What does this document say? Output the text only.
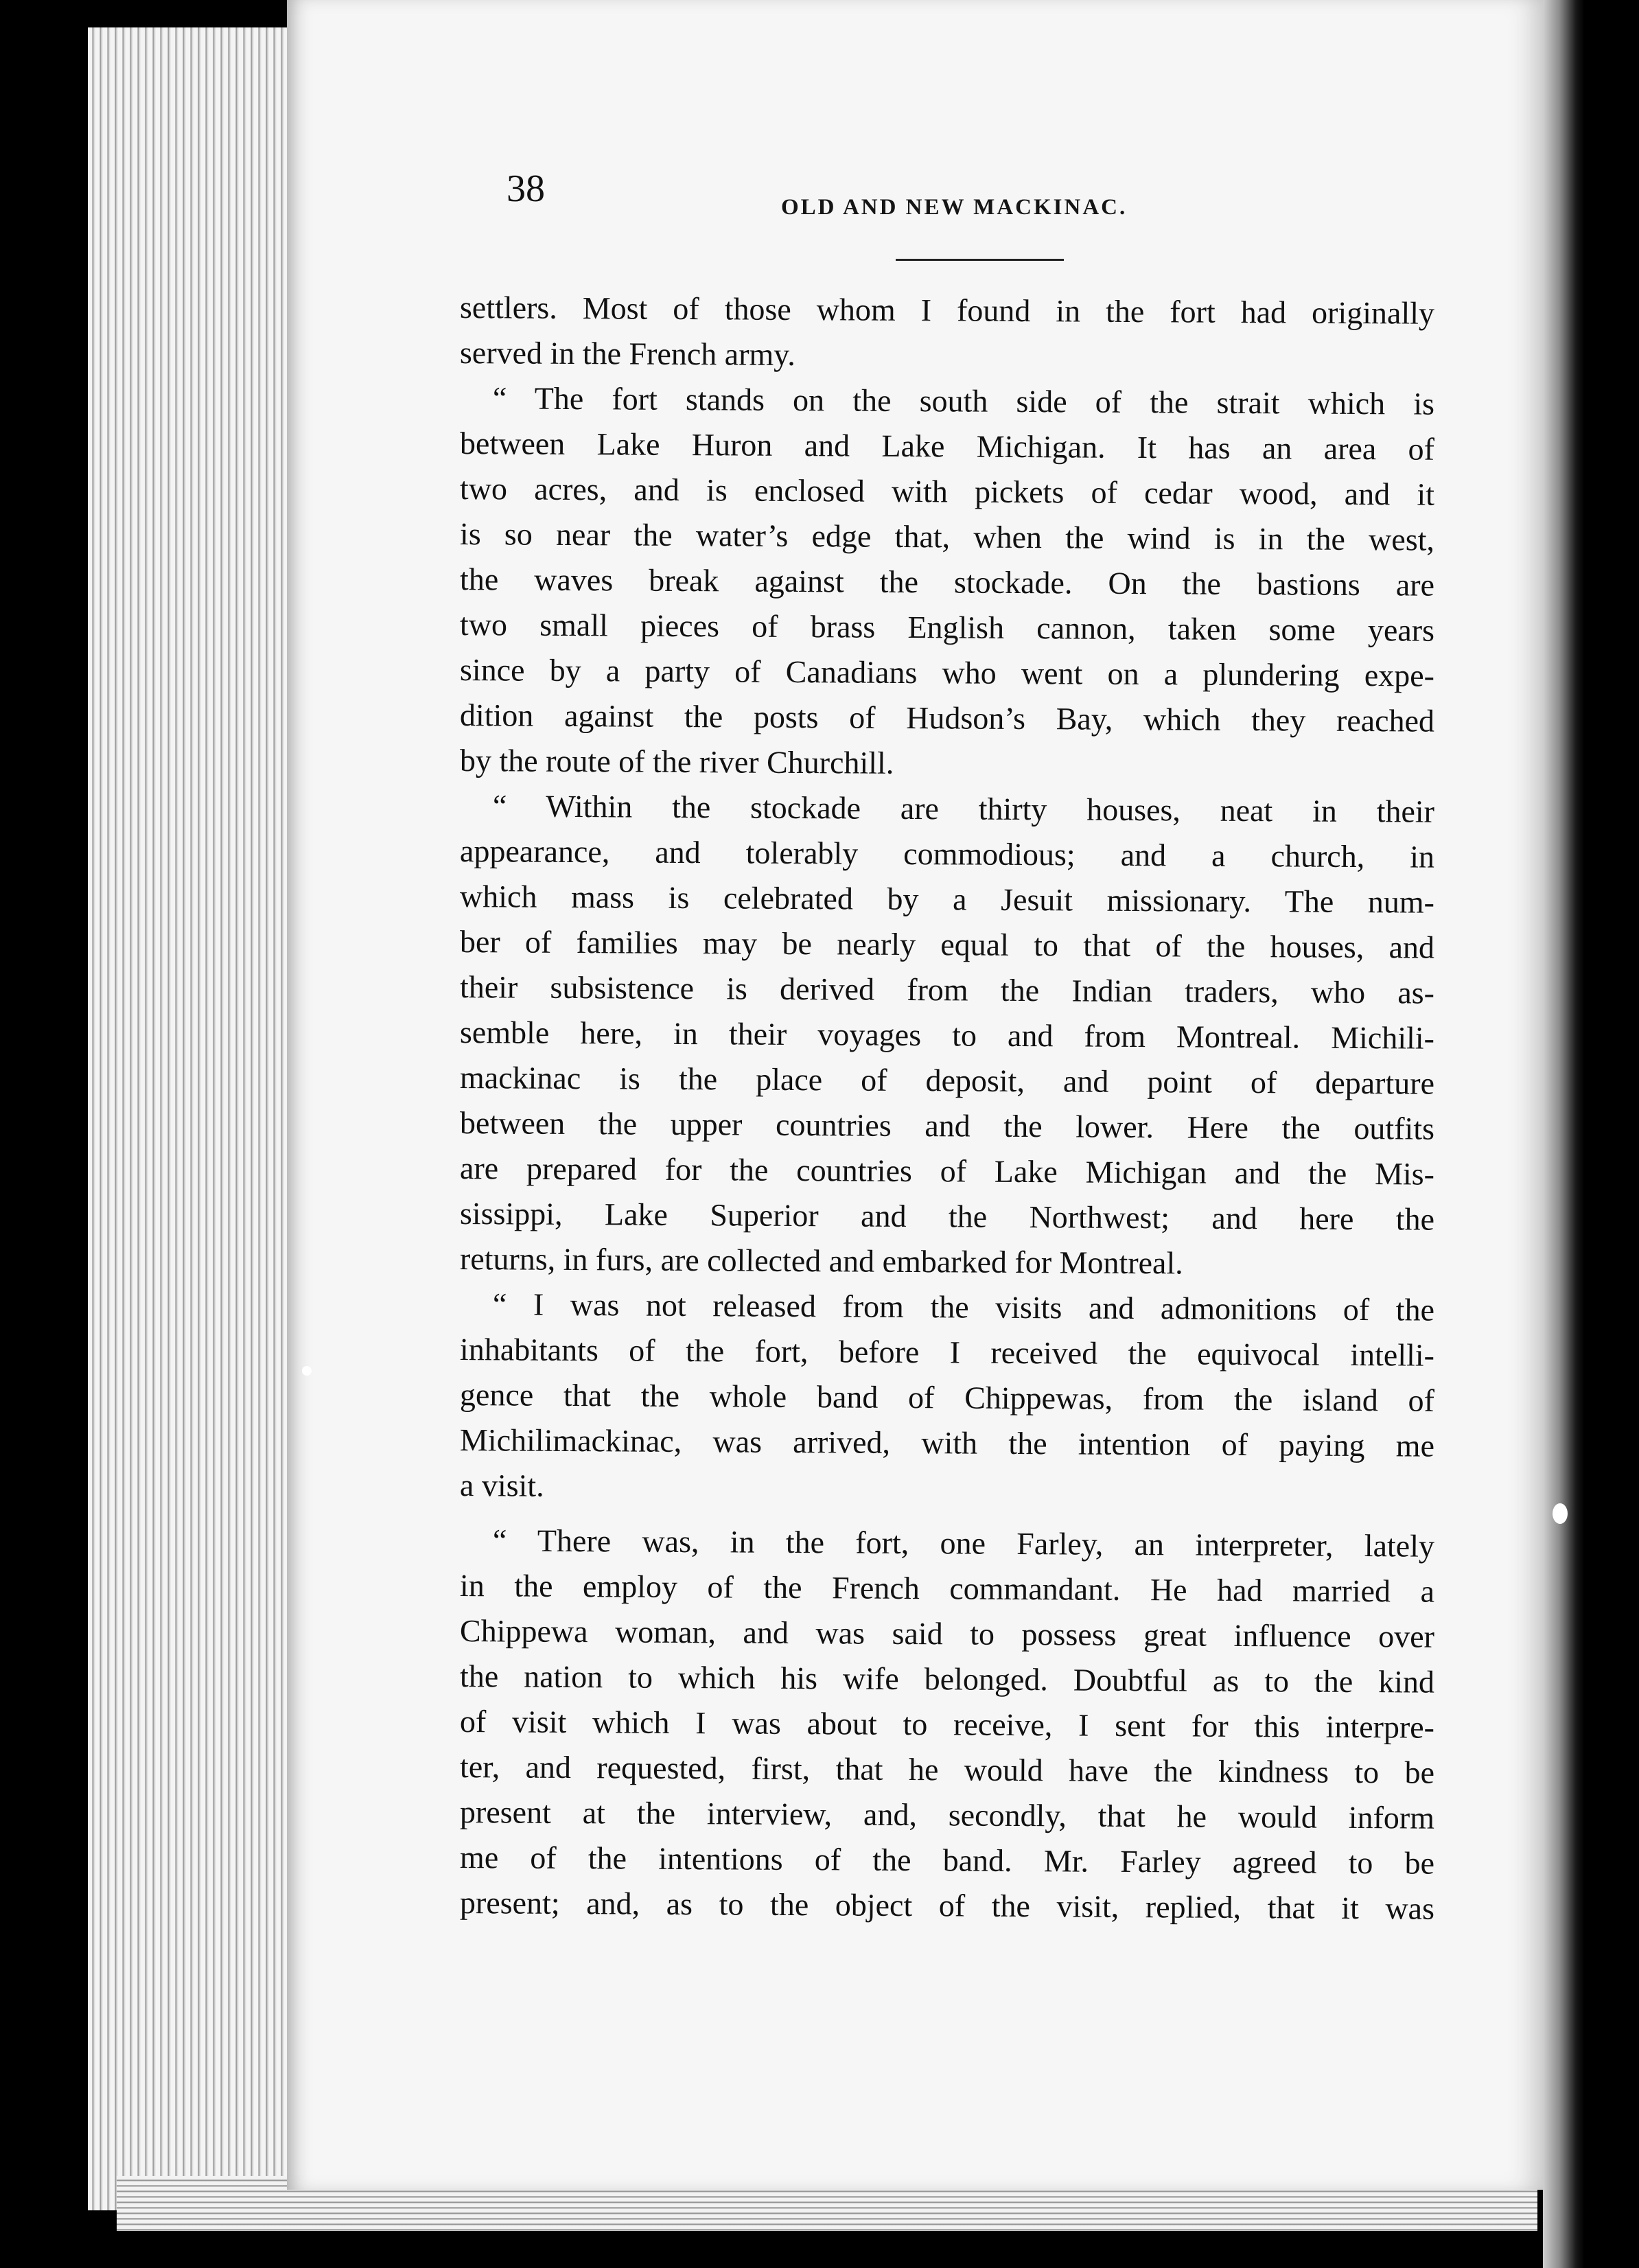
38	OLD AND NEW MACKINAC.
settlers. Most of those whom I found in the fort had originally
served in the French army.
“ The fort stands on the south side of the strait which is
between Lake Huron and Lake Michigan. It has an area of
two acres, and is enclosed with pickets of cedar wood, and it
is so near the water’s edge that, when the wind is in the west,
the waves break against the stockade. On the bastions are
two small pieces of brass English cannon, taken some years
since by a party of Canadians who went on a plundering expe-
dition against the posts of Hudson’s Bay, which they reached
by the route of the river Churchill.
“ Within the stockade are thirty houses, neat in their
appearance, and tolerably commodious; and a church, in
which mass is celebrated by a Jesuit missionary. The num-
ber of families may be nearly equal to that of the houses, and
their subsistence is derived from the Indian traders, who as-
semble here, in their voyages to and from Montreal. Michili-
mackinac is the place of deposit, and point of departure
between the upper countries and the lower. Here the outfits
are prepared for the countries of Lake Michigan and the Mis-
sissippi, Lake Superior and the Northwest; and here the
returns, in furs, are collected and embarked for Montreal.
“ I was not released from the visits and admonitions of the
inhabitants of the fort, before I received the equivocal intelli-
gence that the whole band of Chippewas, from the island of
Michilimackinac, was arrived, with the intention of paying me
a visit.
“ There was, in the fort, one Farley, an interpreter, lately
in the employ of the French commandant. He had married a
Chippewa woman, and was said to possess great influence over
the nation to which his wife belonged. Doubtful as to the kind
of visit which I was about to receive, I sent for this interpre-
ter, and requested, first, that he would have the kindness to be
present at the interview, and, secondly, that he would inform
me of the intentions of the band. Mr. Farley agreed to be
present; and, as to the object of the visit, replied, that it was
